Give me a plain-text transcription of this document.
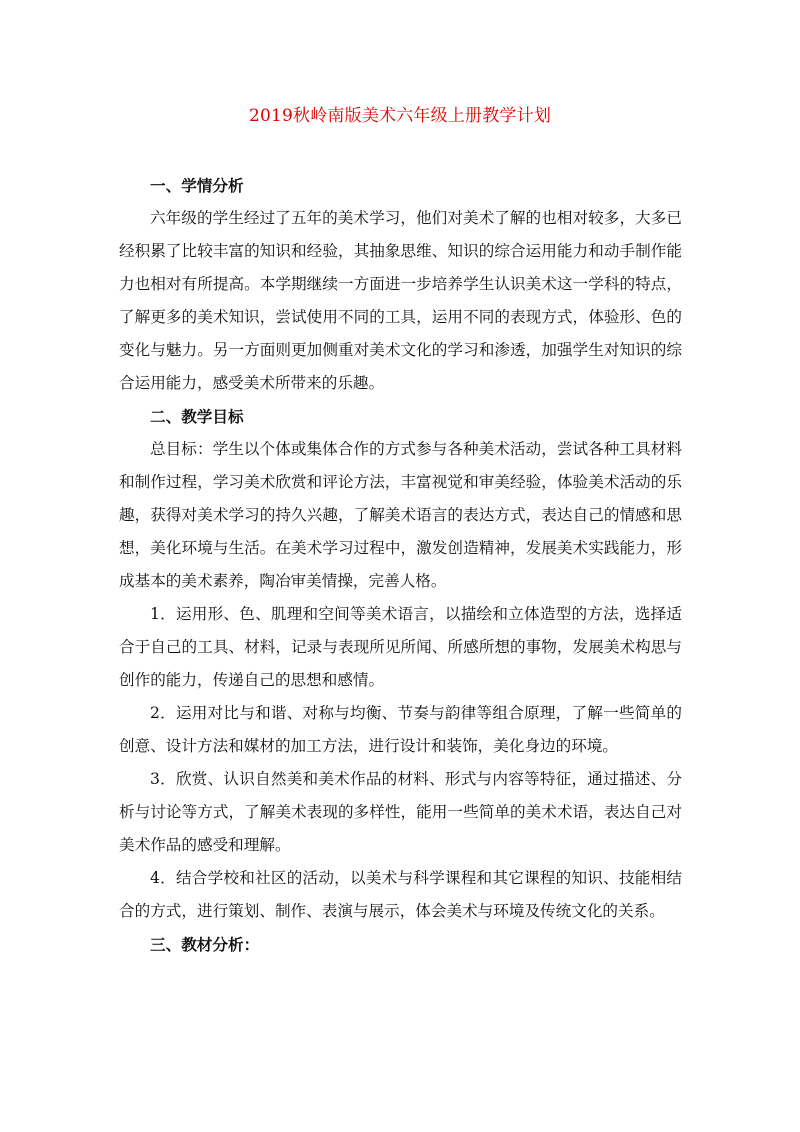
2019秋岭南版美术六年级上册教学计划

一、学情分析

六年级的学生经过了五年的美术学习，他们对美术了解的也相对较多，大多已经积累了比较丰富的知识和经验，其抽象思维、知识的综合运用能力和动手制作能力也相对有所提高。本学期继续一方面进一步培养学生认识美术这一学科的特点，了解更多的美术知识，尝试使用不同的工具，运用不同的表现方式，体验形、色的变化与魅力。另一方面则更加侧重对美术文化的学习和渗透，加强学生对知识的综合运用能力，感受美术所带来的乐趣。

二、教学目标

总目标：学生以个体或集体合作的方式参与各种美术活动，尝试各种工具材料和制作过程，学习美术欣赏和评论方法，丰富视觉和审美经验，体验美术活动的乐趣，获得对美术学习的持久兴趣，了解美术语言的表达方式，表达自己的情感和思想，美化环境与生活。在美术学习过程中，激发创造精神，发展美术实践能力，形成基本的美术素养，陶冶审美情操，完善人格。

1．运用形、色、肌理和空间等美术语言，以描绘和立体造型的方法，选择适合于自己的工具、材料，记录与表现所见所闻、所感所想的事物，发展美术构思与创作的能力，传递自己的思想和感情。

2．运用对比与和谐、对称与均衡、节奏与韵律等组合原理，了解一些简单的创意、设计方法和媒材的加工方法，进行设计和装饰，美化身边的环境。

3．欣赏、认识自然美和美术作品的材料、形式与内容等特征，通过描述、分析与讨论等方式，了解美术表现的多样性，能用一些简单的美术术语，表达自己对美术作品的感受和理解。

4．结合学校和社区的活动，以美术与科学课程和其它课程的知识、技能相结合的方式，进行策划、制作、表演与展示，体会美术与环境及传统文化的关系。

三、教材分析：
